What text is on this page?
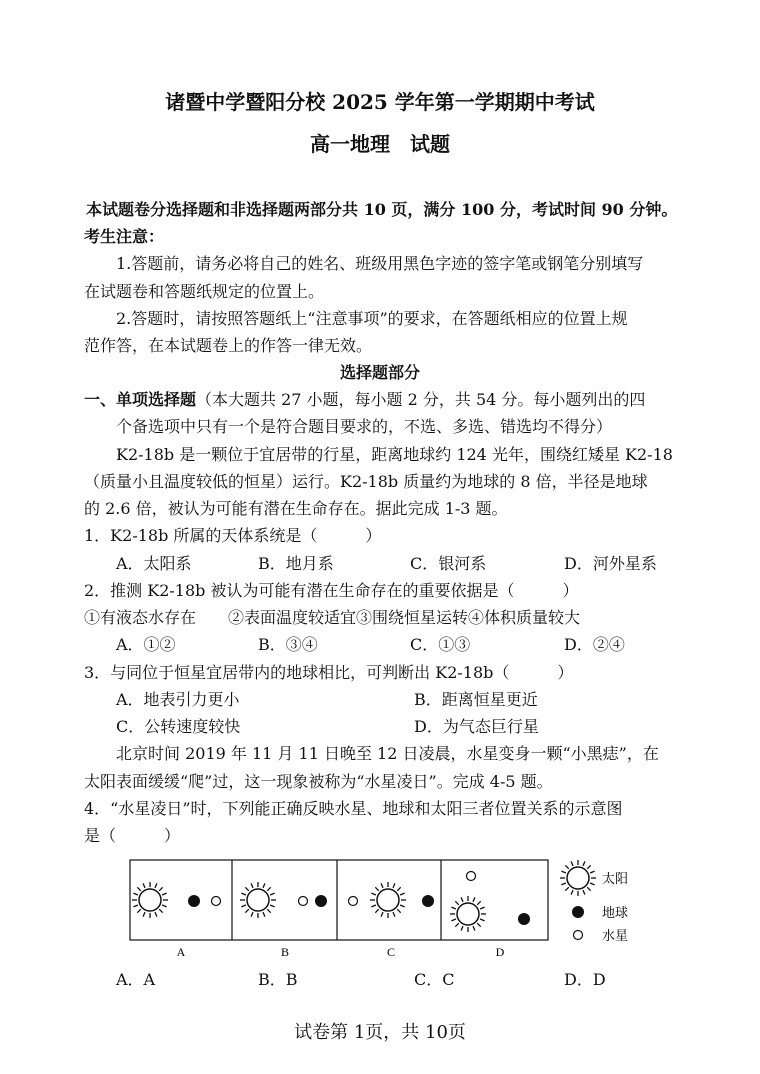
诸暨中学暨阳分校 2025 学年第一学期期中考试
高一地理　试题
本试题卷分选择题和非选择题两部分共 10 页，满分 100 分，考试时间 90 分钟。
考生注意：
1.答题前，请务必将自己的姓名、班级用黑色字迹的签字笔或钢笔分别填写
在试题卷和答题纸规定的位置上。
2.答题时，请按照答题纸上“注意事项”的要求，在答题纸相应的位置上规
范作答，在本试题卷上的作答一律无效。
选择题部分
一、单项选择题（本大题共 27 小题，每小题 2 分，共 54 分。每小题列出的四
个备选项中只有一个是符合题目要求的，不选、多选、错选均不得分）
K2-18b 是一颗位于宜居带的行星，距离地球约 124 光年，围绕红矮星 K2-18
（质量小且温度较低的恒星）运行。K2-18b 质量约为地球的 8 倍，半径是地球
的 2.6 倍，被认为可能有潜在生命存在。据此完成 1-3 题。
1．K2-18b 所属的天体系统是（　　　）
A．太阳系	B．地月系	C．银河系	D．河外星系
2．推测 K2-18b 被认为可能有潜在生命存在的重要依据是（　　　）
①有液态水存在　　②表面温度较适宜③围绕恒星运转④体积质量较大
A．①②	B．③④	C．①③	D．②④
3．与同位于恒星宜居带内的地球相比，可判断出 K2-18b（　　　）
A．地表引力更小	B．距离恒星更近
C．公转速度较快	D．为气态巨行星
北京时间 2019 年 11 月 11 日晚至 12 日凌晨，水星变身一颗“小黑痣”，在
太阳表面缓缓“爬”过，这一现象被称为“水星凌日”。完成 4-5 题。
4．“水星凌日”时，下列能正确反映水星、地球和太阳三者位置关系的示意图
是（　　　）
A	B	C	D
太阳
地球
水星
A．A	B．B	C．C	D．D
试卷第 1页，共 10页
